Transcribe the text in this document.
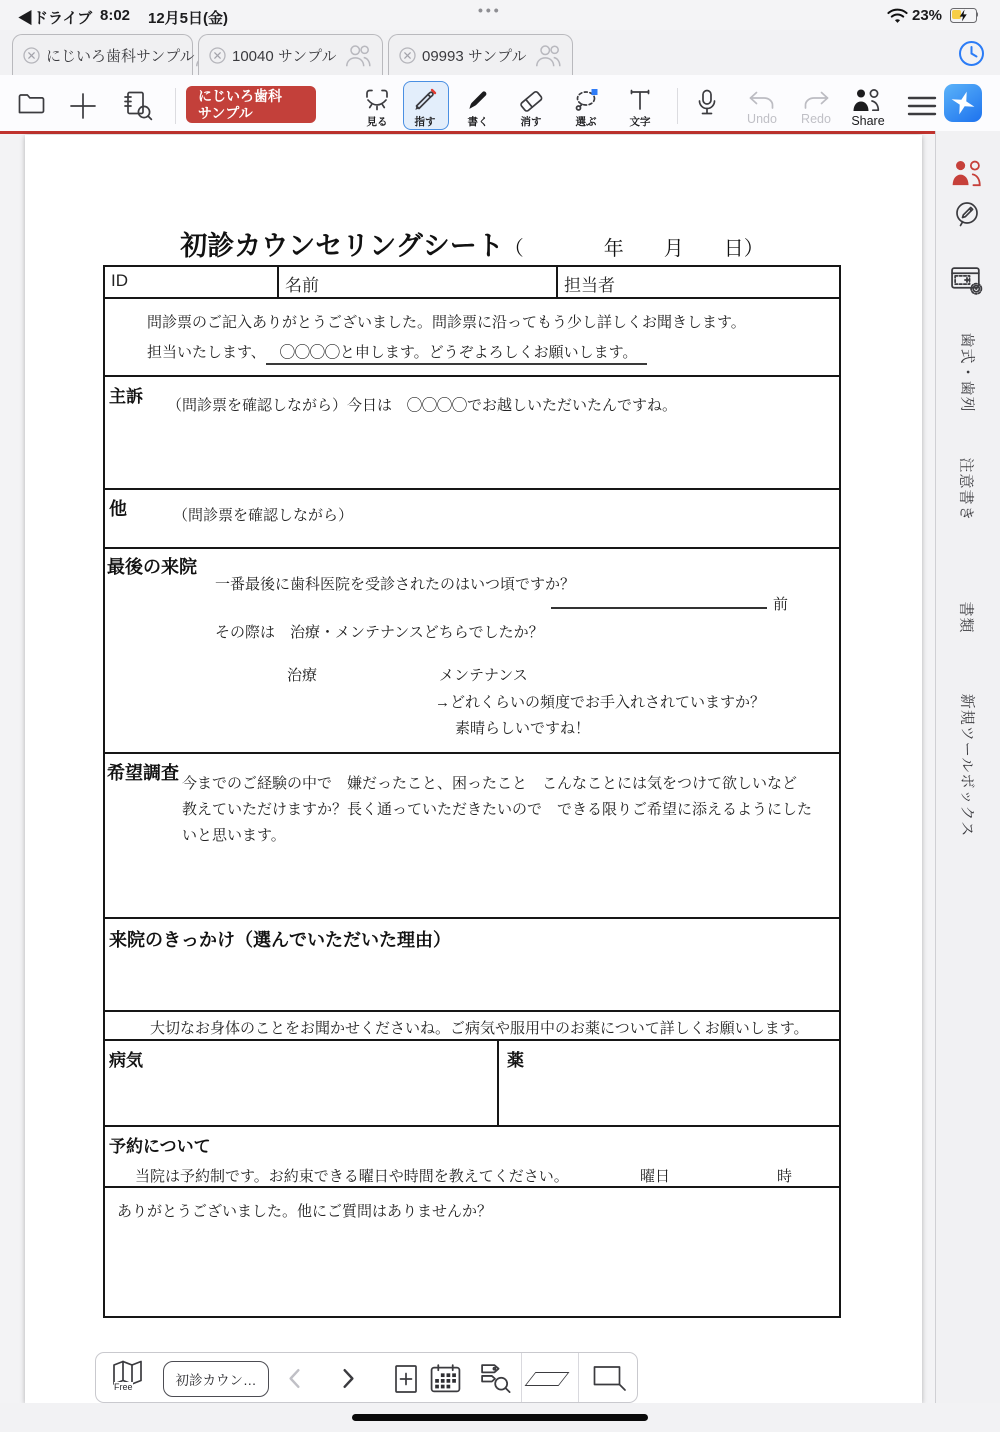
◀ドライブ 8:02 12月5日(金)	•••	23%
にじいろ歯科サンプル 10040 サンプル	09993 サンプル
にじいろ歯科
サンプル
見る	指す	書く	消す	選ぶ	文字	Undo Redo Share
歯式・歯列
注意書き
書類
新規ツールボックス
初診カウンセリングシート（　　　　年　　月　　日）
ID	名前	担当者
問診票のご記入ありがとうございました。問診票に沿ってもう少し詳しくお聞きします。
担当いたします、 ◯◯◯◯と申します。どうぞよろしくお願いします。
主訴 （問診票を確認しながら）今日は　◯◯◯◯でお越しいただいたんですね。
他	（問診票を確認しながら）
最後の来院
一番最後に歯科医院を受診されたのはいつ頃ですか？
前
その際は　治療・メンテナンスどちらでしたか？
治療	メンテナンス
→どれくらいの頻度でお手入れされていますか？
素晴らしいですね！
希望調査
今までのご経験の中で　嫌だったこと、困ったこと　こんなことには気をつけて欲しいなど
教えていただけますか？長く通っていただきたいので　できる限りご希望に添えるようにした
いと思います。
来院のきっかけ（選んでいただいた理由）
大切なお身体のことをお聞かせくださいね。ご病気や服用中のお薬について詳しくお願いします。
病気	薬
予約について
当院は予約制です。お約束できる曜日や時間を教えてください。	曜日	時
ありがとうございました。他にご質問はありませんか？
Free	初診カウン…
